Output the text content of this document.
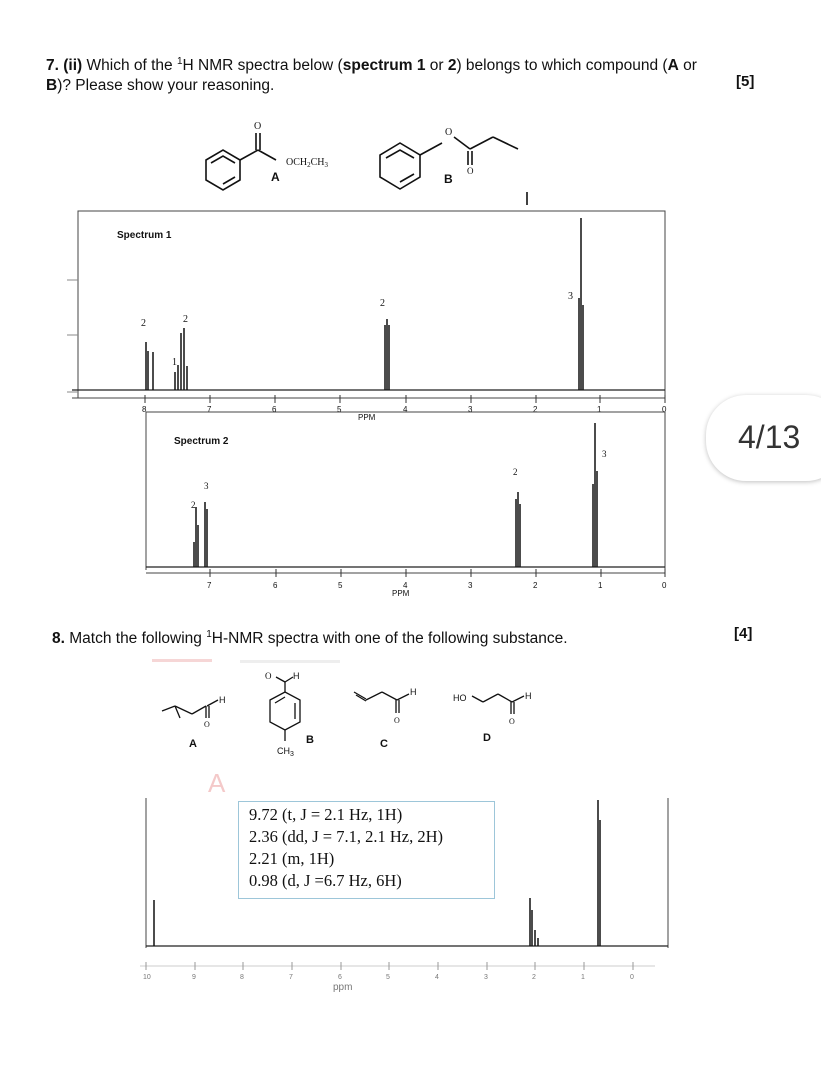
7. (ii) Which of the $^1$H NMR spectra below (spectrum 1 or 2) belongs to which compound (A or
B)? Please show your reasoning.	[5]
O
$OCH_2CH_3$
A
O
O
B
Spectrum 1
PPM
2	2
1
2
3
8	7	6	5	4	3	2	1	0
Spectrum 2
PPM
2
3
2
3
7	6	5	4	3	2	1	0
4/13
8. Match the following $^1$H-NMR spectra with one of the following substance.	[4]
A
O
H
A
O H
$CH_3$
B
O
H
C
HO
O
H
D
ppm
10	9	8	7	6	5	4	3	2	1	0
9.72 (t, J = 2.1 Hz, 1H)
2.36 (dd, J = 7.1, 2.1 Hz, 2H)
2.21 (m, 1H)
0.98 (d, J =6.7 Hz, 6H)
